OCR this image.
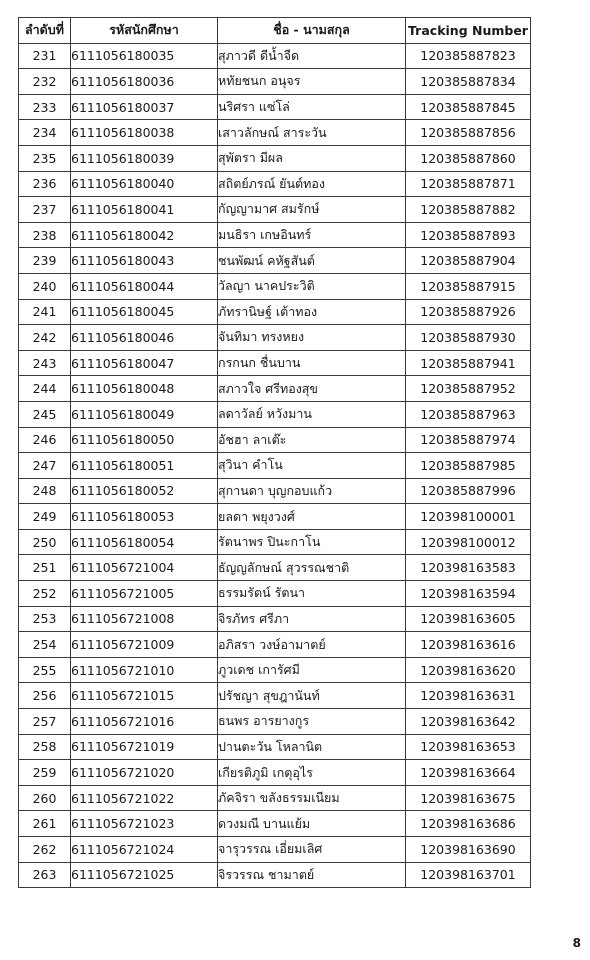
ลำดับที่	รหัสนักศึกษา	ชื่อ - นามสกุล	Tracking Number
231	6111056180035	สุภาวดี ดีน้ำจืด	120385887823
232	6111056180036	หทัยชนก อนุจร	120385887834
233	6111056180037	นริศรา แซ่โล่	120385887845
234	6111056180038	เสาวลักษณ์ สาระวัน	120385887856
235	6111056180039	สุพัตรา มีผล	120385887860
236	6111056180040	สถิตย์ภรณ์ ยันต์ทอง	120385887871
237	6111056180041	กัญญามาศ สมรักษ์	120385887882
238	6111056180042	มนธิรา เกษอินทร์	120385887893
239	6111056180043	ชนพัฒน์ คหัฐสันต์	120385887904
240	6111056180044	วัลญา นาคประวิติ	120385887915
241	6111056180045	ภัทรานิษฐ์ เต้าทอง	120385887926
242	6111056180046	จันทิมา ทรงหยง	120385887930
243	6111056180047	กรกนก ชื่นบาน	120385887941
244	6111056180048	สภาวใจ ศรีทองสุข	120385887952
245	6111056180049	ลดาวัลย์ หวังมาน	120385887963
246	6111056180050	อัชฮา ลาเต๊ะ	120385887974
247	6111056180051	สุวินา คำโน	120385887985
248	6111056180052	สุกานดา บุญกอบแก้ว	120385887996
249	6111056180053	ยลดา พยุงวงศ์	120398100001
250	6111056180054	รัตนาพร ปินะกาโน	120398100012
251	6111056721004	ธัญญลักษณ์ สุวรรณชาติ	120398163583
252	6111056721005	ธรรมรัตน์ รัตนา	120398163594
253	6111056721008	จิรภัทร ศรีภา	120398163605
254	6111056721009	อภิสรา วงษ์อามาตย์	120398163616
255	6111056721010	ภูวเดช เการัศมี	120398163620
256	6111056721015	ปรัชญา สุขฎานันท์	120398163631
257	6111056721016	ธนพร อารยางกูร	120398163642
258	6111056721019	ปานตะวัน โหลานิต	120398163653
259	6111056721020	เกียรติภูมิ เกตุอุไร	120398163664
260	6111056721022	ภัคจิรา ขลังธรรมเนียม	120398163675
261	6111056721023	ดวงมณี บานแย้ม	120398163686
262	6111056721024	จารุวรรณ เอี่ยมเลิศ	120398163690
263	6111056721025	จิรวรรณ ชามาตย์	120398163701
8
